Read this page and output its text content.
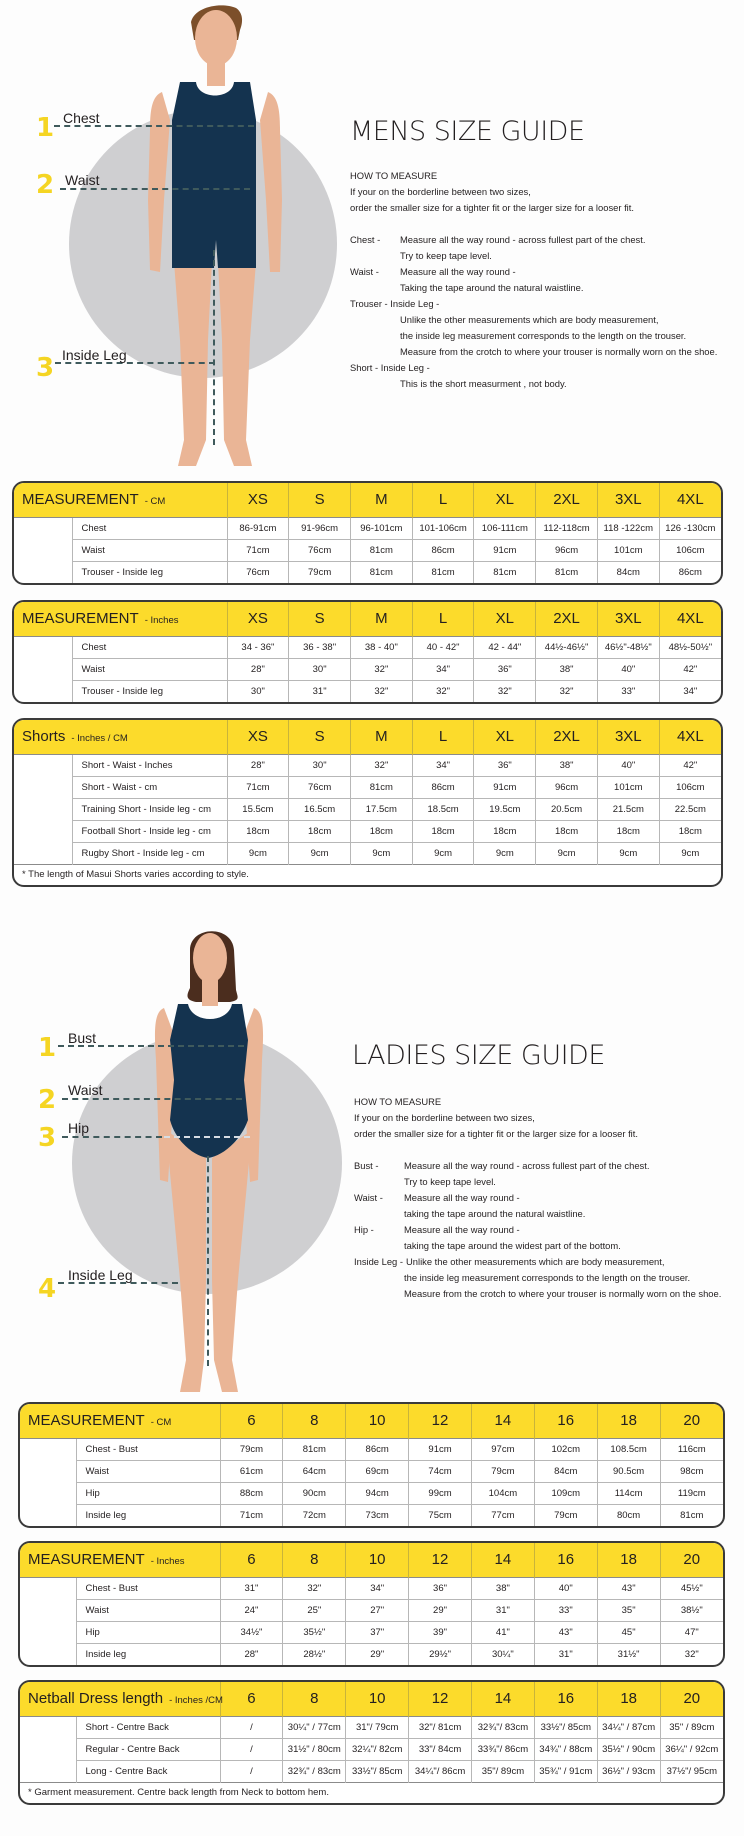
1 Chest
2 Waist
3 Inside Leg
MENS SIZE GUIDE
HOW TO MEASURE
If your on the borderline between two sizes,
order the smaller size for a tighter fit or the larger size for a looser fit.
Chest -	Measure all the way round - across fullest part of the chest.
Try to keep tape level.
Waist -	Measure all the way round -
Taking the tape around the natural waistline.
Trouser - Inside Leg -
Unlike the other measurements which are body measurement,
the inside leg measurement corresponds to the length on the trouser.
Measure from the crotch to where your trouser is normally worn on the shoe.
Short - Inside Leg -
This is the short measurment , not body.
MEASUREMENT - CM		XS	S	M	L	XL	2XL	3XL	4XL
	Chest	86-91cm	91-96cm	96-101cm	101-106cm	106-111cm	112-118cm	118 -122cm	126 -130cm
	Waist	71cm	76cm	81cm	86cm	91cm	96cm	101cm	106cm
	Trouser - Inside leg	76cm	79cm	81cm	81cm	81cm	81cm	84cm	86cm
MEASUREMENT - Inches		XS	S	M	L	XL	2XL	3XL	4XL
	Chest	34 - 36"	36 - 38"	38 - 40"	40 - 42"	42 - 44"	44½-46½"	46½"-48½"	48½-50½"
	Waist	28"	30"	32"	34"	36"	38"	40"	42"
	Trouser - Inside leg	30"	31"	32"	32"	32"	32"	33"	34"
Shorts - Inches / CM		XS	S	M	L	XL	2XL	3XL	4XL
	Short - Waist - Inches	28"	30"	32"	34"	36"	38"	40"	42"
	Short - Waist - cm	71cm	76cm	81cm	86cm	91cm	96cm	101cm	106cm
	Training Short - Inside leg - cm	15.5cm	16.5cm	17.5cm	18.5cm	19.5cm	20.5cm	21.5cm	22.5cm
	Football Short - Inside leg - cm	18cm	18cm	18cm	18cm	18cm	18cm	18cm	18cm
	Rugby Short - Inside leg - cm	9cm	9cm	9cm	9cm	9cm	9cm	9cm	9cm
* The length of Masui Shorts varies according to style.									
1 Bust
2 Waist
3 Hip
4 Inside Leg
LADIES SIZE GUIDE
HOW TO MEASURE
If your on the borderline between two sizes,
order the smaller size for a tighter fit or the larger size for a looser fit.
Bust -	Measure all the way round - across fullest part of the chest.
Try to keep tape level.
Waist -	Measure all the way round -
taking the tape around the natural waistline.
Hip -	Measure all the way round -
taking the tape around the widest part of the bottom.
Inside Leg - Unlike the other measurements which are body measurement,
the inside leg measurement corresponds to the length on the trouser.
Measure from the crotch to where your trouser is normally worn on the shoe.
MEASUREMENT - CM		6	8	10	12	14	16	18	20
	Chest - Bust	79cm	81cm	86cm	91cm	97cm	102cm	108.5cm	116cm
	Waist	61cm	64cm	69cm	74cm	79cm	84cm	90.5cm	98cm
	Hip	88cm	90cm	94cm	99cm	104cm	109cm	114cm	119cm
	Inside leg	71cm	72cm	73cm	75cm	77cm	79cm	80cm	81cm
MEASUREMENT - Inches		6	8	10	12	14	16	18	20
	Chest - Bust	31"	32"	34"	36"	38"	40"	43"	45½"
	Waist	24"	25"	27"	29"	31"	33"	35"	38½"
	Hip	34½"	35½"	37"	39"	41"	43"	45"	47"
	Inside leg	28"	28½"	29"	29½"	30¼"	31"	31½"	32"
Netball Dress length - Inches /CM		6	8	10	12	14	16	18	20
	Short - Centre Back	/	30¼" / 77cm	31"/ 79cm	32"/ 81cm	32¾"/ 83cm	33½"/ 85cm	34¼" / 87cm	35" / 89cm
	Regular - Centre Back	/	31½" / 80cm	32¼"/ 82cm	33"/ 84cm	33¾"/ 86cm	34¾" / 88cm	35½" / 90cm	36¼" / 92cm
	Long - Centre Back	/	32¾" / 83cm	33½"/ 85cm	34¼"/ 86cm	35"/ 89cm	35¾" / 91cm	36½" / 93cm	37½"/ 95cm
* Garment measurement. Centre back length from Neck to bottom hem.									
